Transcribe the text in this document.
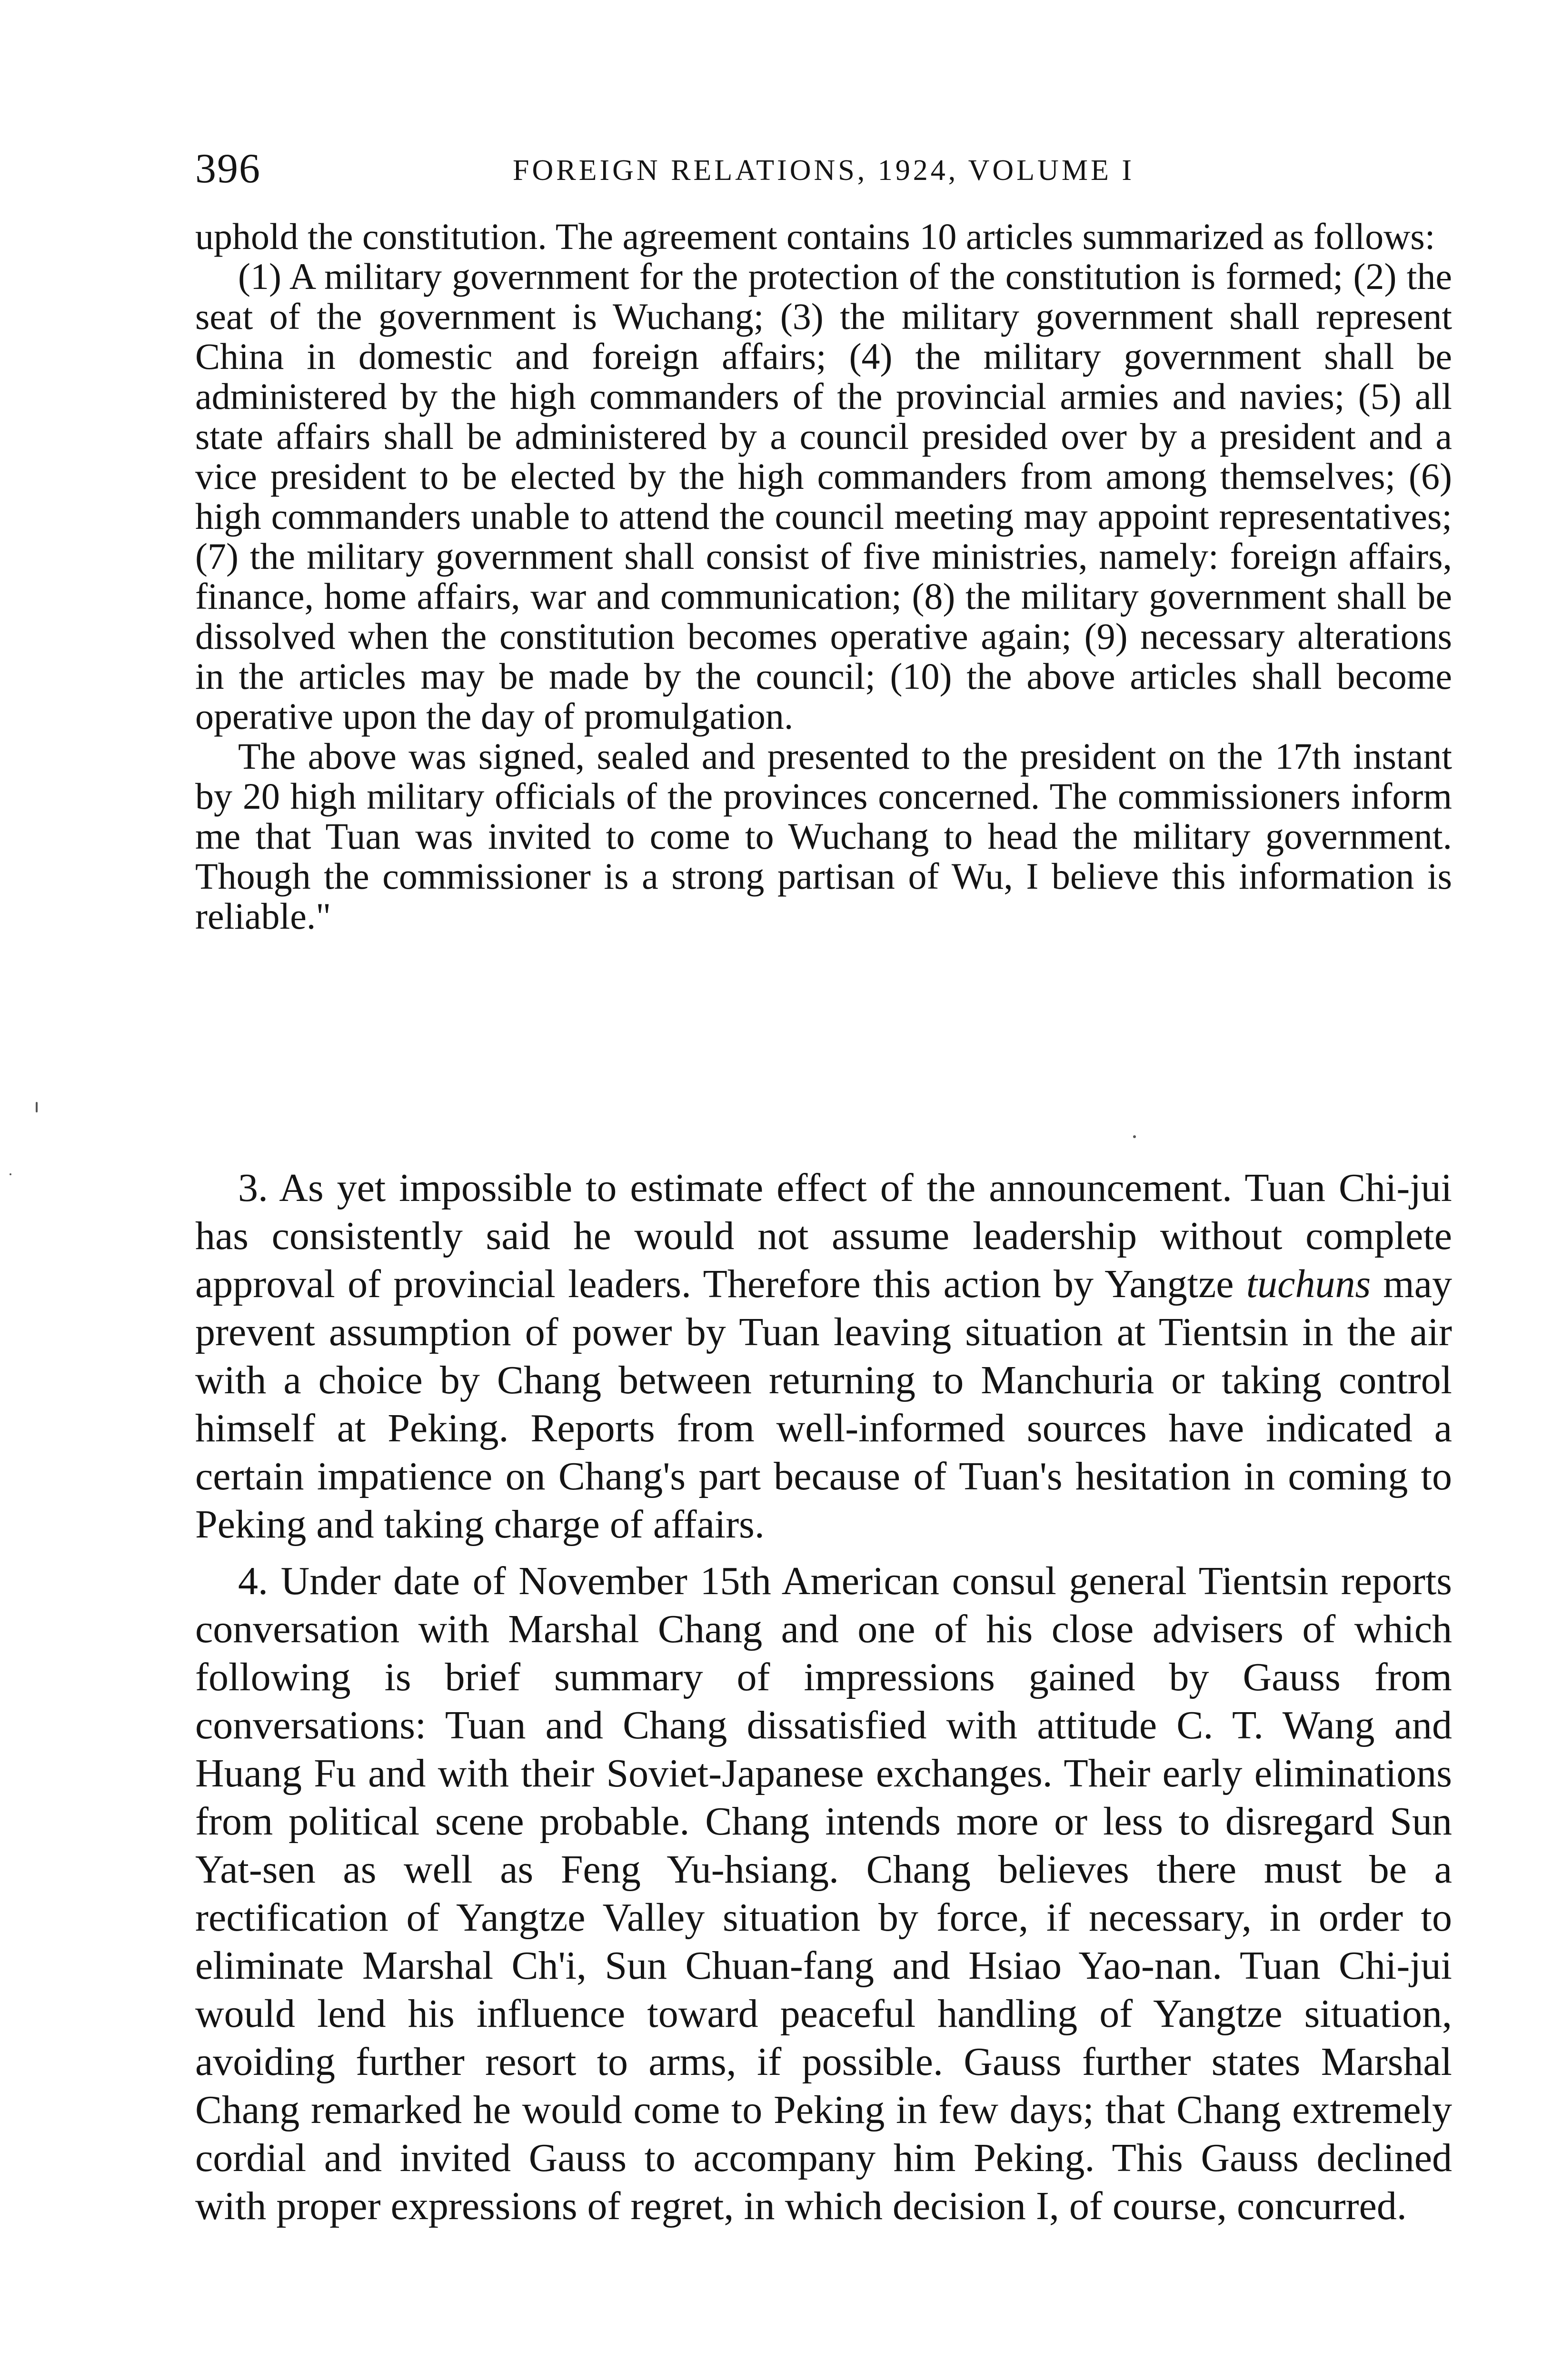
396	FOREIGN RELATIONS, 1924, VOLUME I

uphold the constitution. The agreement contains 10 articles summarized as follows:

(1) A military government for the protection of the constitution is formed; (2) the seat of the government is Wuchang; (3) the military government shall represent China in domestic and foreign affairs; (4) the military government shall be administered by the high commanders of the provincial armies and navies; (5) all state affairs shall be administered by a council presided over by a president and a vice president to be elected by the high commanders from among themselves; (6) high commanders unable to attend the council meeting may appoint representatives; (7) the military government shall consist of five ministries, namely: foreign affairs, finance, home affairs, war and communication; (8) the military government shall be dissolved when the constitution becomes operative again; (9) necessary alterations in the articles may be made by the council; (10) the above articles shall become operative upon the day of promulgation.

The above was signed, sealed and presented to the president on the 17th instant by 20 high military officials of the provinces concerned. The commissioners inform me that Tuan was invited to come to Wuchang to head the military government. Though the commissioner is a strong partisan of Wu, I believe this information is reliable."

3. As yet impossible to estimate effect of the announcement. Tuan Chi-jui has consistently said he would not assume leadership without complete approval of provincial leaders. Therefore this action by Yangtze tuchuns may prevent assumption of power by Tuan leaving situation at Tientsin in the air with a choice by Chang between returning to Manchuria or taking control himself at Peking. Reports from well-informed sources have indicated a certain impatience on Chang's part because of Tuan's hesitation in coming to Peking and taking charge of affairs.

4. Under date of November 15th American consul general Tientsin reports conversation with Marshal Chang and one of his close advisers of which following is brief summary of impressions gained by Gauss from conversations: Tuan and Chang dissatisfied with attitude C. T. Wang and Huang Fu and with their Soviet-Japanese exchanges. Their early eliminations from political scene probable. Chang intends more or less to disregard Sun Yat-sen as well as Feng Yu-hsiang. Chang believes there must be a rectification of Yangtze Valley situation by force, if necessary, in order to eliminate Marshal Ch'i, Sun Chuan-fang and Hsiao Yao-nan. Tuan Chi-jui would lend his influence toward peaceful handling of Yangtze situation, avoiding further resort to arms, if possible. Gauss further states Marshal Chang remarked he would come to Peking in few days; that Chang extremely cordial and invited Gauss to accompany him Peking. This Gauss declined with proper expressions of regret, in which decision I, of course, concurred.
